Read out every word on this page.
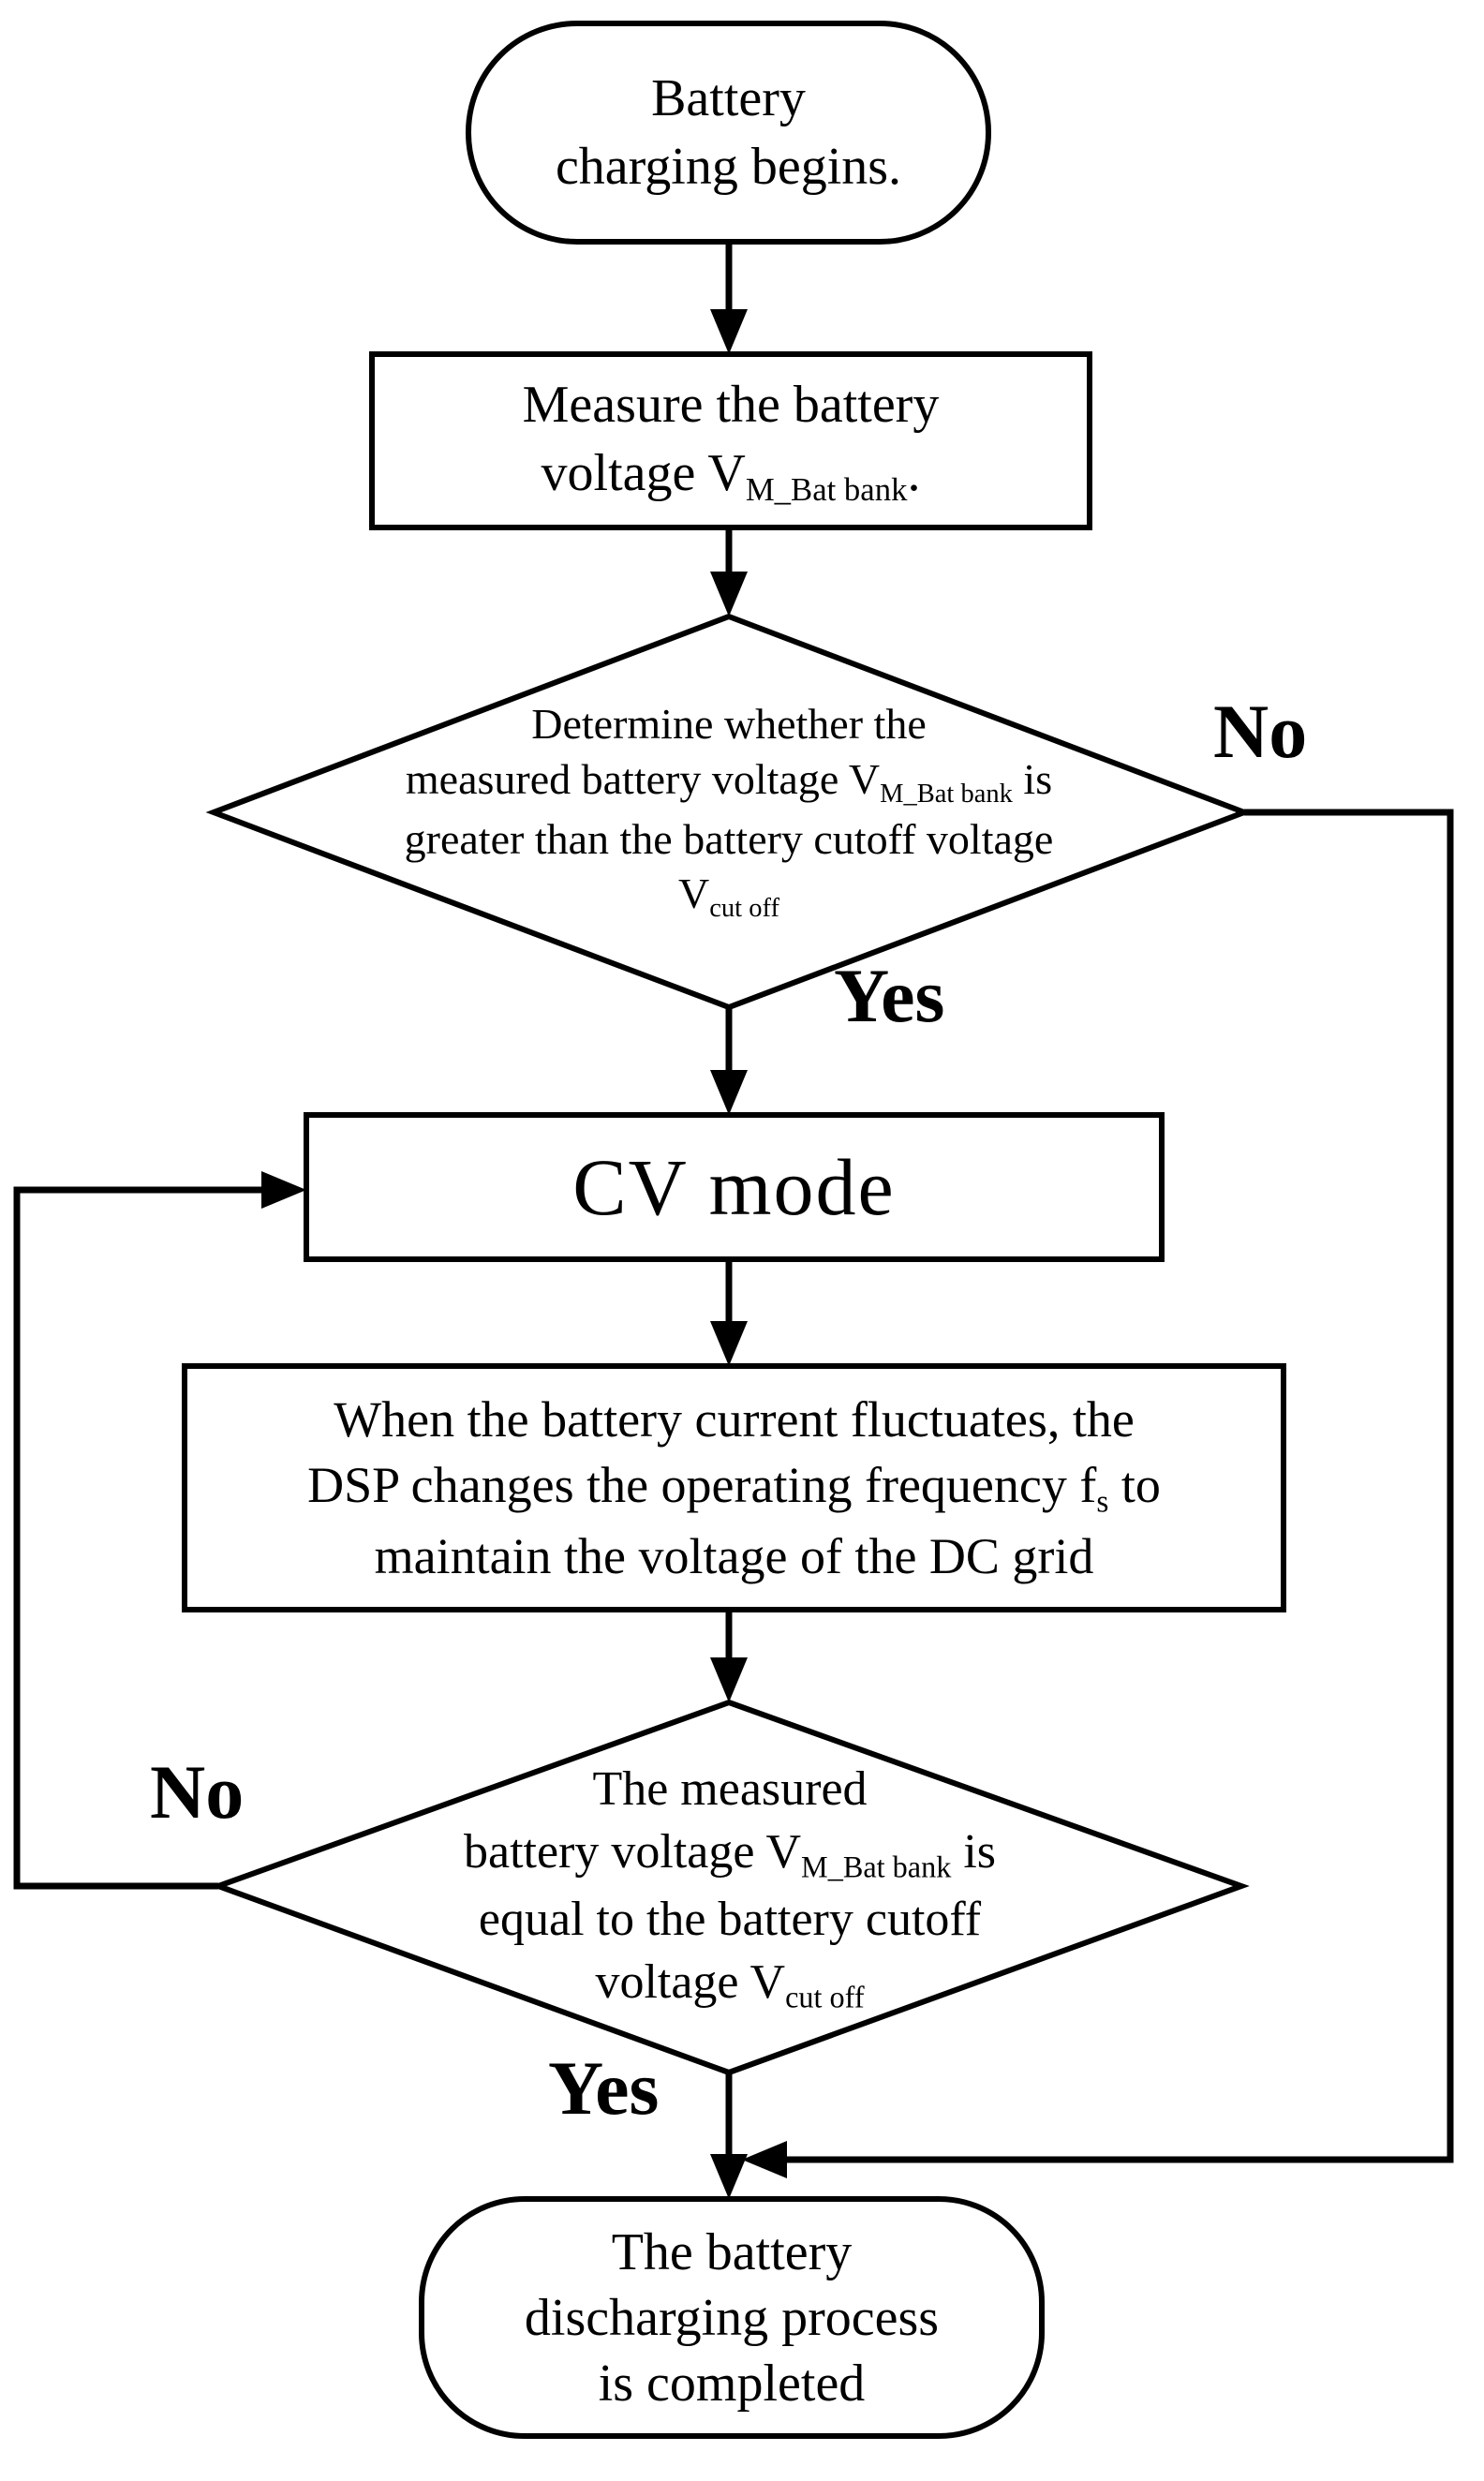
Battery
charging begins.
Measure the battery
voltage $V_{M\_Bat bank}$.
Determine whether the
measured battery voltage $V_{M\_Bat bank}$ is
greater than the battery cutoff voltage
$V_{cut off}$
CV mode
When the battery current fluctuates, the
DSP changes the operating frequency $f_s$ to
maintain the voltage of the DC grid
The measured
battery voltage $V_{M\_Bat bank}$ is
equal to the battery cutoff
voltage $V_{cut off}$
The battery
discharging process
is completed
No
Yes
No
Yes
